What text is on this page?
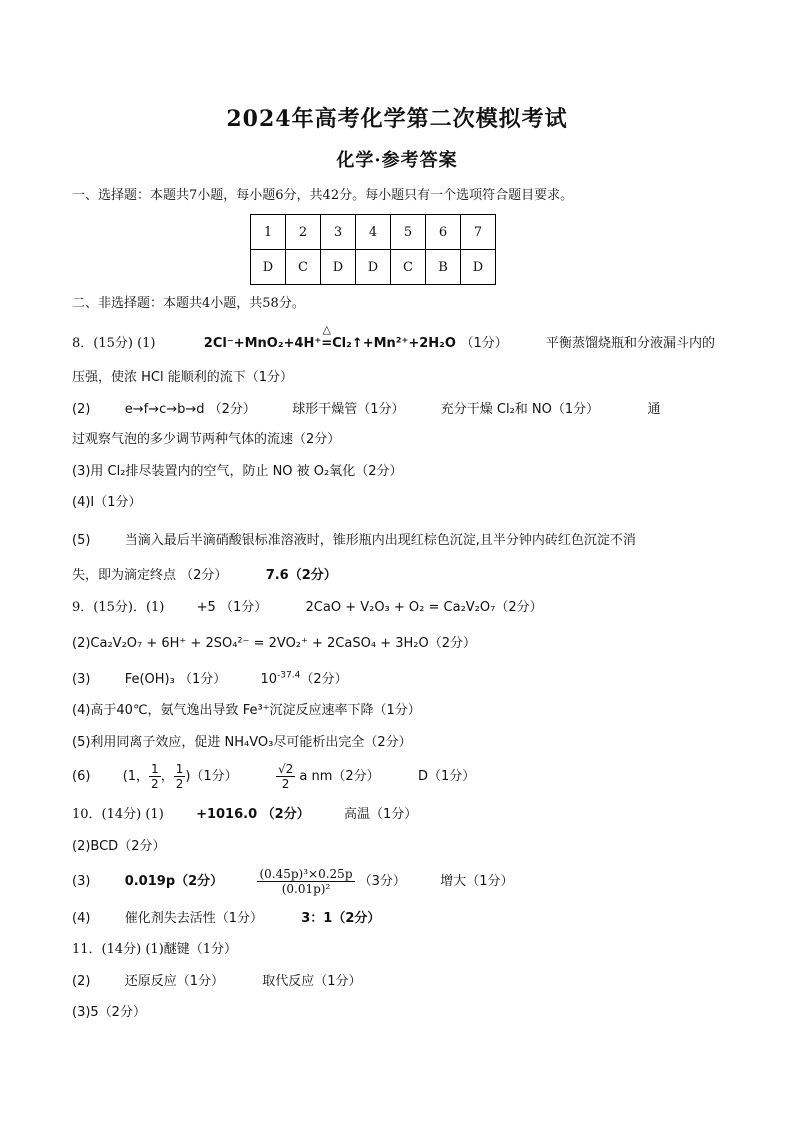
2024年高考化学第二次模拟考试
化学·参考答案
一、选择题：本题共7小题，每小题6分，共42分。每小题只有一个选项符合题目要求。
1	2	3	4	5	6	7
D	C	D	D	C	B	D
二、非选择题：本题共4小题，共58分。
8．(15分) (1)	2Cl⁻+MnO₂+4H⁺
△
=Cl₂↑+Mn²⁺+2H₂O （1分）	平衡蒸馏烧瓶和分液漏斗内的
压强，使浓 HCl 能顺利的流下（1分）
(2)	e→f→c→b→d （2分）	球形干燥管（1分）	充分干燥 Cl₂和 NO（1分）	通
过观察气泡的多少调节两种气体的流速（2分）
(3)用 Cl₂排尽装置内的空气，防止 NO 被 O₂氧化（2分）
(4)I（1分）
(5)	当滴入最后半滴硝酸银标准溶液时，锥形瓶内出现红棕色沉淀,且半分钟内砖红色沉淀不消
失，即为滴定终点 （2分）	7.6（2分）
9．(15分)．(1) +5 （1分）	2CaO + V₂O₃ + O₂ = Ca₂V₂O₇（2分）
(2)Ca₂V₂O₇ + 6H⁺ + 2SO₄²⁻ = 2VO₂⁺ + 2CaSO₄ + 3H₂O（2分）
(3)	Fe(OH)₃ （1分）	$10^{-37.4}(2$分）
(4)高于40℃，氨气逸出导致 Fe³⁺沉淀反应速率下降（1分）
(5)利用同离子效应，促进 NH₄VO₃尽可能析出完全（2分）
(6) (1， $\frac{1}{2}$ ， $\frac{1}{2} )(1$分）	$\frac{√2}{2}$ a nm（2分）	D（1分）
10．(14分) (1) +1016.0 （2分）	高温（1分）
(2)BCD（2分）
(3)	0.019p（2分）	$\frac{\text{(0.45p)³×0.25p}}{\text{(0.01p)²}} (3$分）	增大（1分）
(4)	催化剂失去活性（1分）	3：1（2分）
11．(14分) (1)醚键（1分）
(2)	还原反应（1分）	取代反应（1分）
(3)5（2分）
